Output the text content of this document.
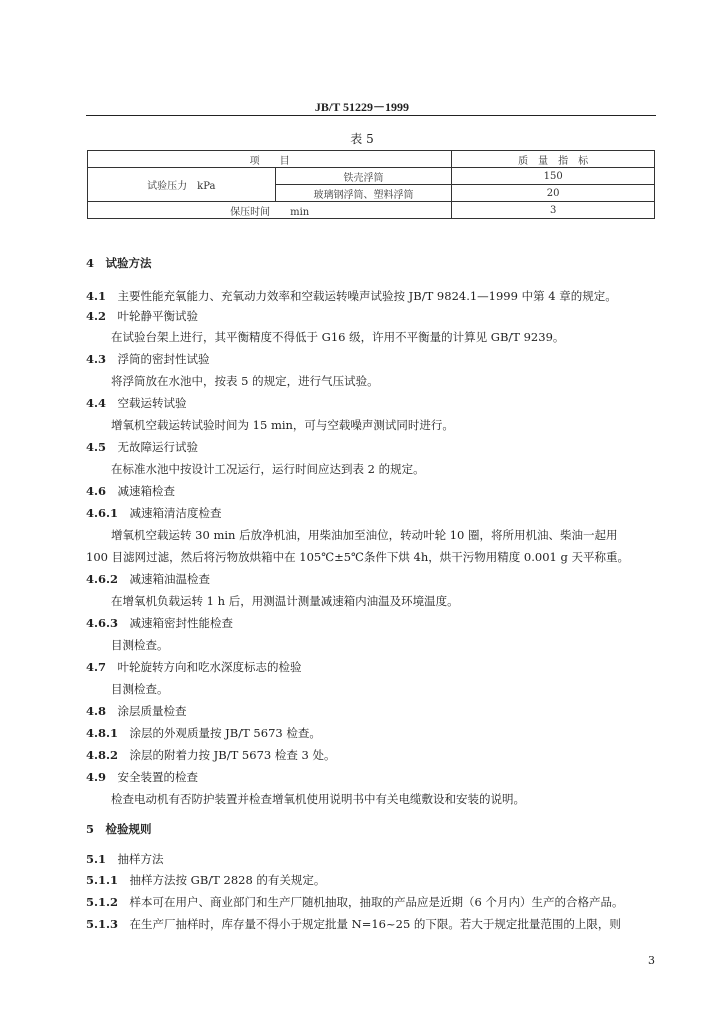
JB/T 51229－1999
表 5
项　　目		质　量　指　标
试验压力　kPa	铁壳浮筒	150
	玻璃钢浮筒、塑料浮筒	20
保压时间　　min		3
4　 试验方法
4.1　 主要性能充氧能力、充氧动力效率和空载运转噪声试验按 JB/T 9824.1—1999 中第 4 章的规定。
4.2　 叶轮静平衡试验
在试验台架上进行，其平衡精度不得低于 G16 级，许用不平衡量的计算见 GB/T 9239。
4.3　 浮筒的密封性试验
将浮筒放在水池中，按表 5 的规定，进行气压试验。
4.4　 空载运转试验
增氧机空载运转试验时间为 15 min，可与空载噪声测试同时进行。
4.5　 无故障运行试验
在标准水池中按设计工况运行，运行时间应达到表 2 的规定。
4.6　 减速箱检查
4.6.1　 减速箱清洁度检查
增氧机空载运转 30 min 后放净机油，用柴油加至油位，转动叶轮 10 圈，将所用机油、柴油一起用
100 目滤网过滤，然后将污物放烘箱中在 105℃±5℃条件下烘 4h，烘干污物用精度 0.001 g 天平称重。
4.6.2　 减速箱油温检查
在增氧机负载运转 1 h 后，用测温计测量减速箱内油温及环境温度。
4.6.3　 减速箱密封性能检查
目测检查。
4.7　 叶轮旋转方向和吃水深度标志的检验
目测检查。
4.8　 涂层质量检查
4.8.1　 涂层的外观质量按 JB/T 5673 检查。
4.8.2　 涂层的附着力按 JB/T 5673 检查 3 处。
4.9　 安全装置的检查
检查电动机有否防护装置并检查增氧机使用说明书中有关电缆敷设和安装的说明。
5　 检验规则
5.1　 抽样方法
5.1.1　 抽样方法按 GB/T 2828 的有关规定。
5.1.2　 样本可在用户、商业部门和生产厂随机抽取，抽取的产品应是近期（6 个月内）生产的合格产品。
5.1.3　 在生产厂抽样时，库存量不得小于规定批量 N=16~25 的下限。若大于规定批量范围的上限，则
3
